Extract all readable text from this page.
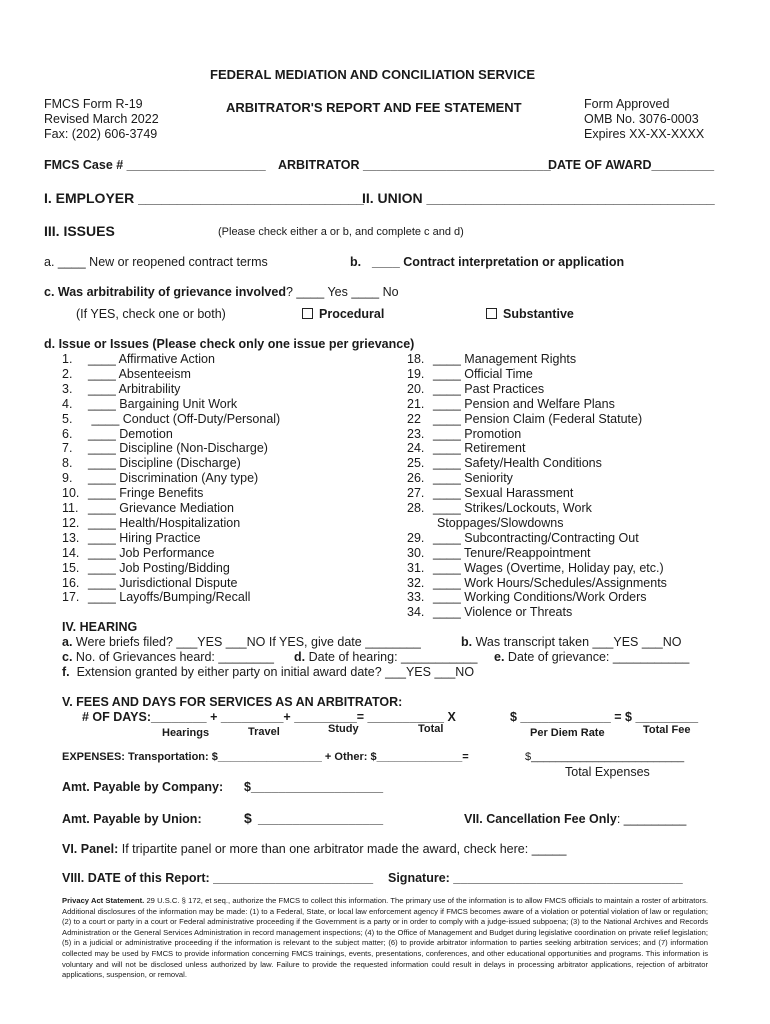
FEDERAL MEDIATION AND CONCILIATION SERVICE
FMCS Form R-19
Revised March 2022
Fax: (202) 606-3749
ARBITRATOR'S REPORT AND FEE STATEMENT	Form Approved
OMB No. 3076-0003
Expires XX-XX-XXXX
FMCS Case # ____________________ ARBITRATOR ___________________________
DATE OF AWARD_________
I. EMPLOYER _____________________________
II. UNION _____________________________________
III. ISSUES	(Please check either a or b, and complete c and d)
a. ____ New or reopened contract terms	b. ____ Contract interpretation or application
c. Was arbitrability of grievance involved? ____ Yes ____ No
(If YES, check one or both)	Procedural	Substantive
d. Issue or Issues (Please check only one issue per grievance)
1. ____ Affirmative Action
2. ____ Absenteeism
3. ____ Arbitrability
4. ____ Bargaining Unit Work
5. ____ Conduct (Off-Duty/Personal)
6. ____ Demotion
7. ____ Discipline (Non-Discharge)
8. ____ Discipline (Discharge)
9. ____ Discrimination (Any type)
10. ____ Fringe Benefits
11. ____ Grievance Mediation
12. ____ Health/Hospitalization
13. ____ Hiring Practice
14. ____ Job Performance
15. ____ Job Posting/Bidding
16. ____ Jurisdictional Dispute
17. ____ Layoffs/Bumping/Recall
18. ____ Management Rights
19. ____ Official Time
20. ____ Past Practices
21. ____ Pension and Welfare Plans
22 ____ Pension Claim (Federal Statute)
23. ____ Promotion
24. ____ Retirement
25. ____ Safety/Health Conditions
26. ____ Seniority
27. ____ Sexual Harassment
28. ____ Strikes/Lockouts, Work
Stoppages/Slowdowns
29. ____ Subcontracting/Contracting Out
30. ____ Tenure/Reappointment
31. ____ Wages (Overtime, Holiday pay, etc.)
32. ____ Work Hours/Schedules/Assignments
33. ____ Working Conditions/Work Orders
34. ____ Violence or Threats
IV. HEARING
a. Were briefs filed? ___YES ___NO If YES, give date ________	b. Was transcript taken ___YES ___NO
c. No. of Grievances heard: ________ d. Date of hearing: ___________ e. Date of grievance: ___________
f. Extension granted by either party on initial award date? ___YES ___NO
V. FEES AND DAYS FOR SERVICES AS AN ARBITRATOR:
# OF DAYS:________ + _________+ _________= ___________ X	$ _____________ = $ _________
Hearings	Travel	Study	Total	Per Diem Rate	Total Fee
EXPENSES: Transportation: $_________________ + Other: $______________=	$_________________________
Total Expenses
Amt. Payable by Company: $___________________
Amt. Payable by Union:	$ __________________	VII. Cancellation Fee Only: _________
VI. Panel: If tripartite panel or more than one arbitrator made the award, check here: _____
VIII. DATE of this Report: _______________________ Signature: _________________________________
Privacy Act Statement. 29 U.S.C. § 172, et seq., authorize the FMCS to collect this information. The primary use of the information is to allow FMCS officials to maintain a roster of arbitrators. Additional disclosures of the information may be made: (1) to a Federal, State, or local law enforcement agency if FMCS becomes aware of a violation or potential violation of law or regulation; (2) to a court or party in a court or Federal administrative proceeding if the Government is a party or in order to comply with a judge-issued subpoena; (3) to the National Archives and Records Administration or the General Services Administration in record management inspections; (4) to the Office of Management and Budget during legislative coordination on private relief legislation; (5) in a judicial or administrative proceeding if the information is relevant to the subject matter; (6) to provide arbitrator information to parties seeking arbitration services; and (7) information collected may be used by FMCS to provide information concerning FMCS trainings, events, presentations, conferences, and other educational opportunities and programs. This information is voluntary and will not be disclosed unless authorized by law. Failure to provide the requested information could result in delays in processing arbitrator applications, rejection of arbitrator applications, suspension, or removal.
